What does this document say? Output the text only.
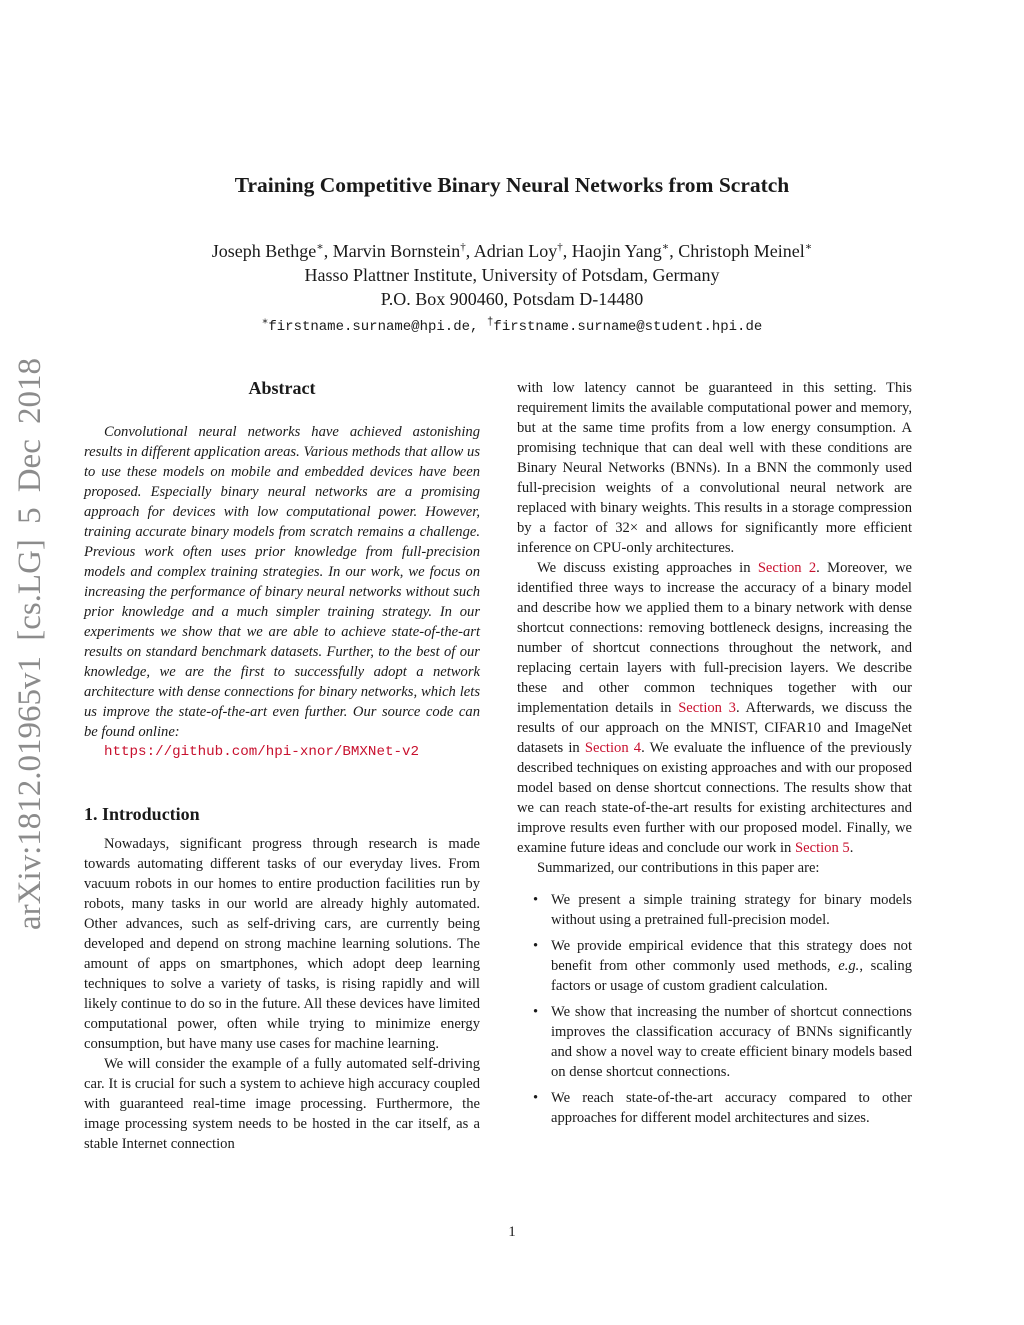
arXiv:1812.01965v1 [cs.LG] 5 Dec 2018
Training Competitive Binary Neural Networks from Scratch
Joseph Bethge∗, Marvin Bornstein†, Adrian Loy†, Haojin Yang∗, Christoph Meinel∗
Hasso Plattner Institute, University of Potsdam, Germany
P.O. Box 900460, Potsdam D-14480
∗firstname.surname@hpi.de, †firstname.surname@student.hpi.de
Abstract

Convolutional neural networks have achieved astonishing results in different application areas. Various methods that allow us to use these models on mobile and embedded devices have been proposed. Especially binary neural networks are a promising approach for devices with low computational power. However, training accurate binary models from scratch remains a challenge. Previous work often uses prior knowledge from full-precision models and complex training strategies. In our work, we focus on increasing the performance of binary neural networks without such prior knowledge and a much simpler training strategy. In our experiments we show that we are able to achieve state-of-the-art results on standard benchmark datasets. Further, to the best of our knowledge, we are the first to successfully adopt a network architecture with dense connections for binary networks, which lets us improve the state-of-the-art even further. Our source code can be found online:
https://github.com/hpi-xnor/BMXNet-v2

1. Introduction

Nowadays, significant progress through research is made towards automating different tasks of our everyday lives. From vacuum robots in our homes to entire production facilities run by robots, many tasks in our world are already highly automated. Other advances, such as self-driving cars, are currently being developed and depend on strong machine learning solutions. The amount of apps on smartphones, which adopt deep learning techniques to solve a variety of tasks, is rising rapidly and will likely continue to do so in the future. All these devices have limited computational power, often while trying to minimize energy consumption, but have many use cases for machine learning.

We will consider the example of a fully automated self-driving car. It is crucial for such a system to achieve high accuracy coupled with guaranteed real-time image processing. Furthermore, the image processing system needs to be hosted in the car itself, as a stable Internet connection

with low latency cannot be guaranteed in this setting. This requirement limits the available computational power and memory, but at the same time profits from a low energy consumption. A promising technique that can deal well with these conditions are Binary Neural Networks (BNNs). In a BNN the commonly used full-precision weights of a convolutional neural network are replaced with binary weights. This results in a storage compression by a factor of 32× and allows for significantly more efficient inference on CPU-only architectures.

We discuss existing approaches in Section 2. Moreover, we identified three ways to increase the accuracy of a binary model and describe how we applied them to a binary network with dense shortcut connections: removing bottleneck designs, increasing the number of shortcut connections throughout the network, and replacing certain layers with full-precision layers. We describe these and other common techniques together with our implementation details in Section 3. Afterwards, we discuss the results of our approach on the MNIST, CIFAR10 and ImageNet datasets in Section 4. We evaluate the influence of the previously described techniques on existing approaches and with our proposed model based on dense shortcut connections. The results show that we can reach state-of-the-art results for existing architectures and improve results even further with our proposed model. Finally, we examine future ideas and conclude our work in Section 5.

Summarized, our contributions in this paper are:

• We present a simple training strategy for binary models without using a pretrained full-precision model.
• We provide empirical evidence that this strategy does not benefit from other commonly used methods, e.g., scaling factors or usage of custom gradient calculation.
• We show that increasing the number of shortcut connections improves the classification accuracy of BNNs significantly and show a novel way to create efficient binary models based on dense shortcut connections.
• We reach state-of-the-art accuracy compared to other approaches for different model architectures and sizes.
1
